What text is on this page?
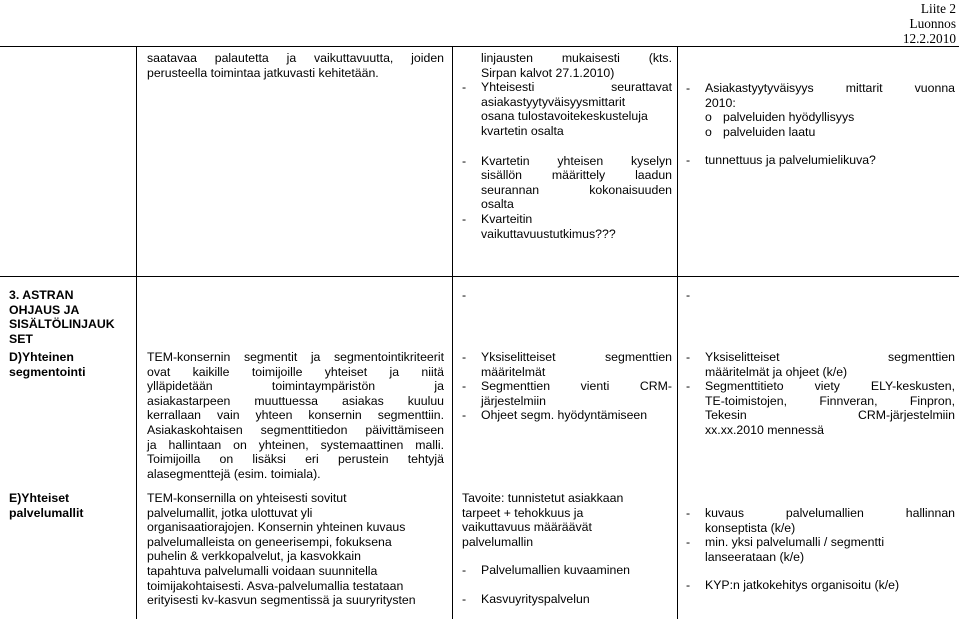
Liite 2
Luonnos
12.2.2010

saatavaa palautetta ja vaikuttavuutta, joiden

perusteella toimintaa jatkuvasti kehitetään.

linjausten mukaisesti (kts.

Sirpan kalvot 27.1.2010)

- Yhteisesti seurattavat

asiakastyytyväisyysmittarit

osana tulostavoitekeskusteluja

kvartetin osalta

- Kvartetin yhteisen kyselyn

sisällön määrittely laadun

seurannan kokonaisuuden

osalta

- Kvarteitin

vaikuttavuustutkimus???

- Asiakastyytyväisyys mittarit vuonna

2010:

o palveluiden hyödyllisyys

o palveluiden laatu

- tunnettuus ja palvelumielikuva?

3. ASTRAN

OHJAUS JA

SISÄLTÖLINJAUK

SET

-	-

D)Yhteinen

segmentointi

TEM-konsernin segmentit ja segmentointikriteerit

ovat kaikille toimijoille yhteiset ja niitä

ylläpidetään toimintaympäristön ja

asiakastarpeen muuttuessa asiakas kuuluu

kerrallaan vain yhteen konsernin segmenttiin.

Asiakaskohtaisen segmenttitiedon päivittämiseen

ja hallintaan on yhteinen, systemaattinen malli.

Toimijoilla on lisäksi eri perustein tehtyjä

alasegmenttejä (esim. toimiala).

- Yksiselitteiset segmenttien

määritelmät

- Segmenttien vienti CRM-

järjestelmiin

- Ohjeet segm. hyödyntämiseen

- Yksiselitteiset segmenttien

määritelmät ja ohjeet (k/e)

- Segmenttitieto viety ELY-keskusten,

TE-toimistojen, Finnveran, Finpron,

Tekesin CRM-järjestelmiin

xx.xx.2010 mennessä

E)Yhteiset

palvelumallit

TEM-konsernilla on yhteisesti sovitut

palvelumallit, jotka ulottuvat yli

organisaatiorajojen. Konsernin yhteinen kuvaus

palvelumalleista on geneerisempi, fokuksena

puhelin & verkkopalvelut, ja kasvokkain

tapahtuva palvelumalli voidaan suunnitella

toimijakohtaisesti. Asva-palvelumallia testataan

erityisesti kv-kasvun segmentissä ja suuryritysten

Tavoite: tunnistetut asiakkaan

tarpeet + tehokkuus ja

vaikuttavuus määräävät

palvelumallin

- Palvelumallien kuvaaminen

- Kasvuyrityspalvelun

- kuvaus palvelumallien hallinnan

konseptista (k/e)

- min. yksi palvelumalli / segmentti

lanseerataan (k/e)

- KYP:n jatkokehitys organisoitu (k/e)
